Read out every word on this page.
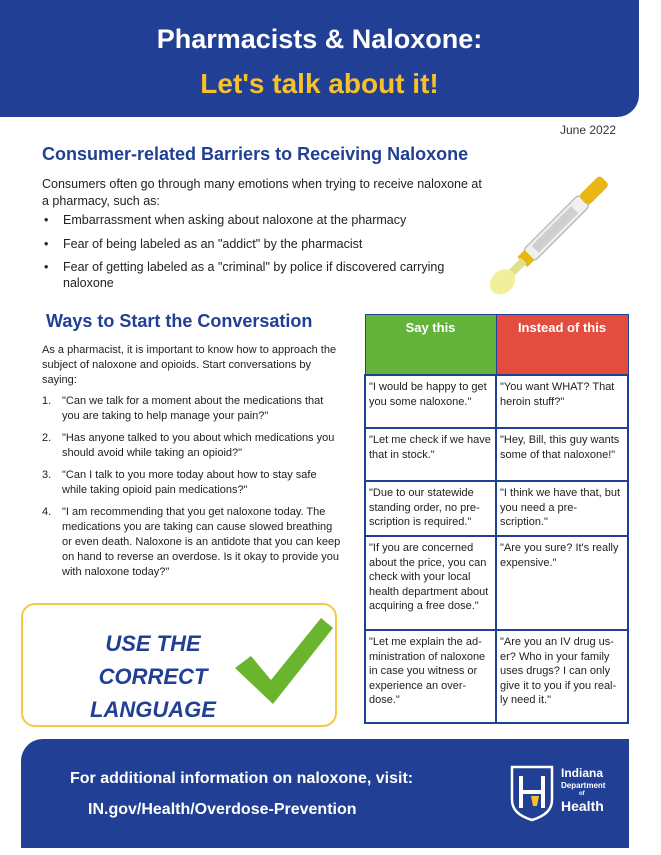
Pharmacists & Naloxone:
Let's talk about it!
June 2022
Consumer-related Barriers to Receiving Naloxone
Consumers often go through many emotions when trying to receive naloxone at a pharmacy, such as:
• Embarrassment when asking about naloxone at the pharmacy
• Fear of being labeled as an "addict" by the pharmacist
• Fear of getting labeled as a "criminal" by police if discovered carrying naloxone
Ways to Start the Conversation
As a pharmacist, it is important to know how to approach the subject of naloxone and opioids. Start conversations by saying:
1. "Can we talk for a moment about the medications that you are taking to help manage your pain?"
2. "Has anyone talked to you about which medications you should avoid while taking an opioid?"
3. "Can I talk to you more today about how to stay safe while taking opioid pain medications?"
4. "I am recommending that you get naloxone today. The medications you are taking can cause slowed breathing or even death. Naloxone is an antidote that you can keep on hand to reverse an overdose. Is it okay to provide you with naloxone today?"
USE THE CORRECT
LANGUAGE
Say this	Instead of this
"I would be happy to get you some naloxone."	"You want WHAT? That heroin stuff?"
"Let me check if we have that in stock."	"Hey, Bill, this guy wants some of that naloxone!"
"Due to our statewide standing order, no pre-scription is required."	"I think we have that, but you need a pre-scription."
"If you are concerned about the price, you can check with your local health department about acquiring a free dose."	"Are you sure? It's really expensive."
"Let me explain the ad-ministration of naloxone in case you witness or experience an over-dose."	"Are you an IV drug us-er? Who in your family uses drugs? I can only give it to you if you real-ly need it."
For additional information on naloxone, visit:
IN.gov/Health/Overdose-Prevention
Indiana
Department
of
Health
